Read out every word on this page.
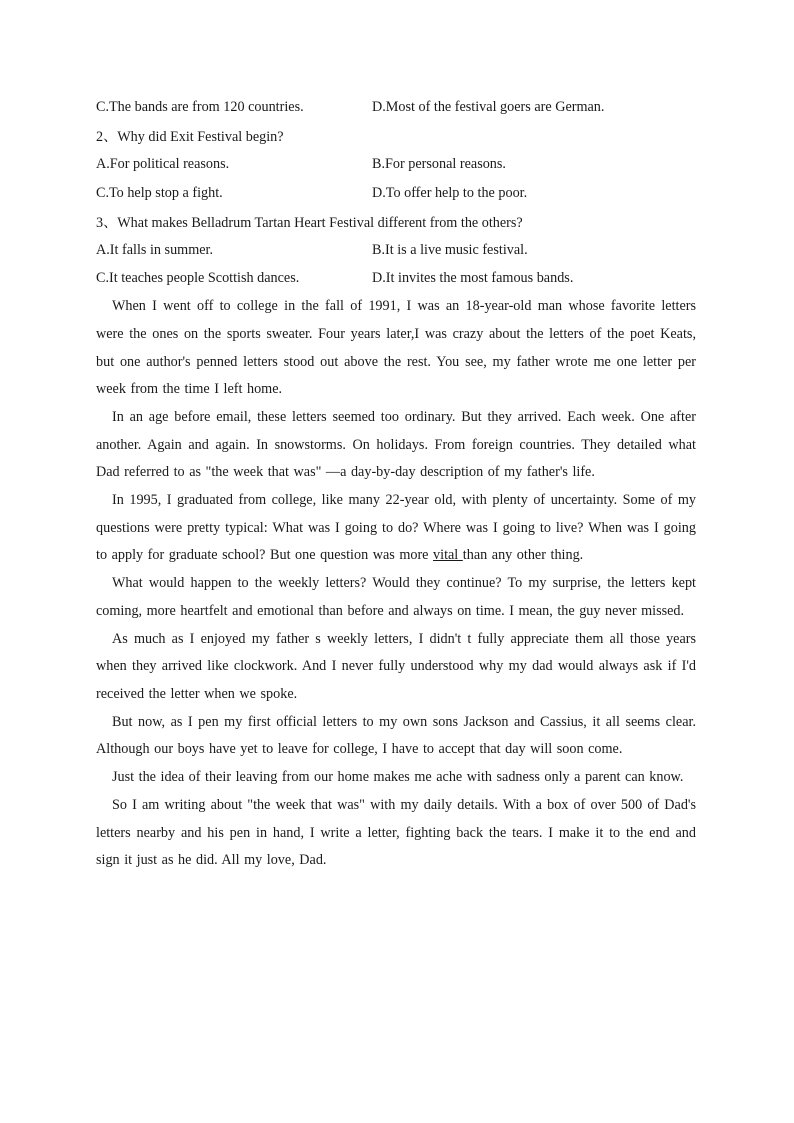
C.The bands are from 120 countries.	D.Most of the festival goers are German.
2、Why did Exit Festival begin?
A.For political reasons.	B.For personal reasons.
C.To help stop a fight.	D.To offer help to the poor.
3、What makes Belladrum Tartan Heart Festival different from the others?
A.It falls in summer.	B.It is a live music festival.
C.It teaches people Scottish dances.	D.It invites the most famous bands.

When I went off to college in the fall of 1991, I was an 18-year-old man whose favorite letters were the ones on the sports sweater. Four years later,I was crazy about the letters of the poet Keats, but one author's penned letters stood out above the rest. You see, my father wrote me one letter per week from the time I left home.

In an age before email, these letters seemed too ordinary. But they arrived. Each week. One after another. Again and again. In snowstorms. On holidays. From foreign countries. They detailed what Dad referred to as "the week that was" —a day-by-day description of my father's life.

In 1995, I graduated from college, like many 22-year old, with plenty of uncertainty. Some of my questions were pretty typical: What was I going to do? Where was I going to live? When was I going to apply for graduate school? But one question was more vital than any other thing.

What would happen to the weekly letters? Would they continue? To my surprise, the letters kept coming, more heartfelt and emotional than before and always on time. I mean, the guy never missed.

As much as I enjoyed my father s weekly letters, I didn't t fully appreciate them all those years when they arrived like clockwork. And I never fully understood why my dad would always ask if I'd received the letter when we spoke.

But now, as I pen my first official letters to my own sons Jackson and Cassius, it all seems clear. Although our boys have yet to leave for college, I have to accept that day will soon come.

Just the idea of their leaving from our home makes me ache with sadness only a parent can know.

So I am writing about "the week that was" with my daily details. With a box of over 500 of Dad's letters nearby and his pen in hand, I write a letter, fighting back the tears. I make it to the end and sign it just as he did. All my love, Dad.
